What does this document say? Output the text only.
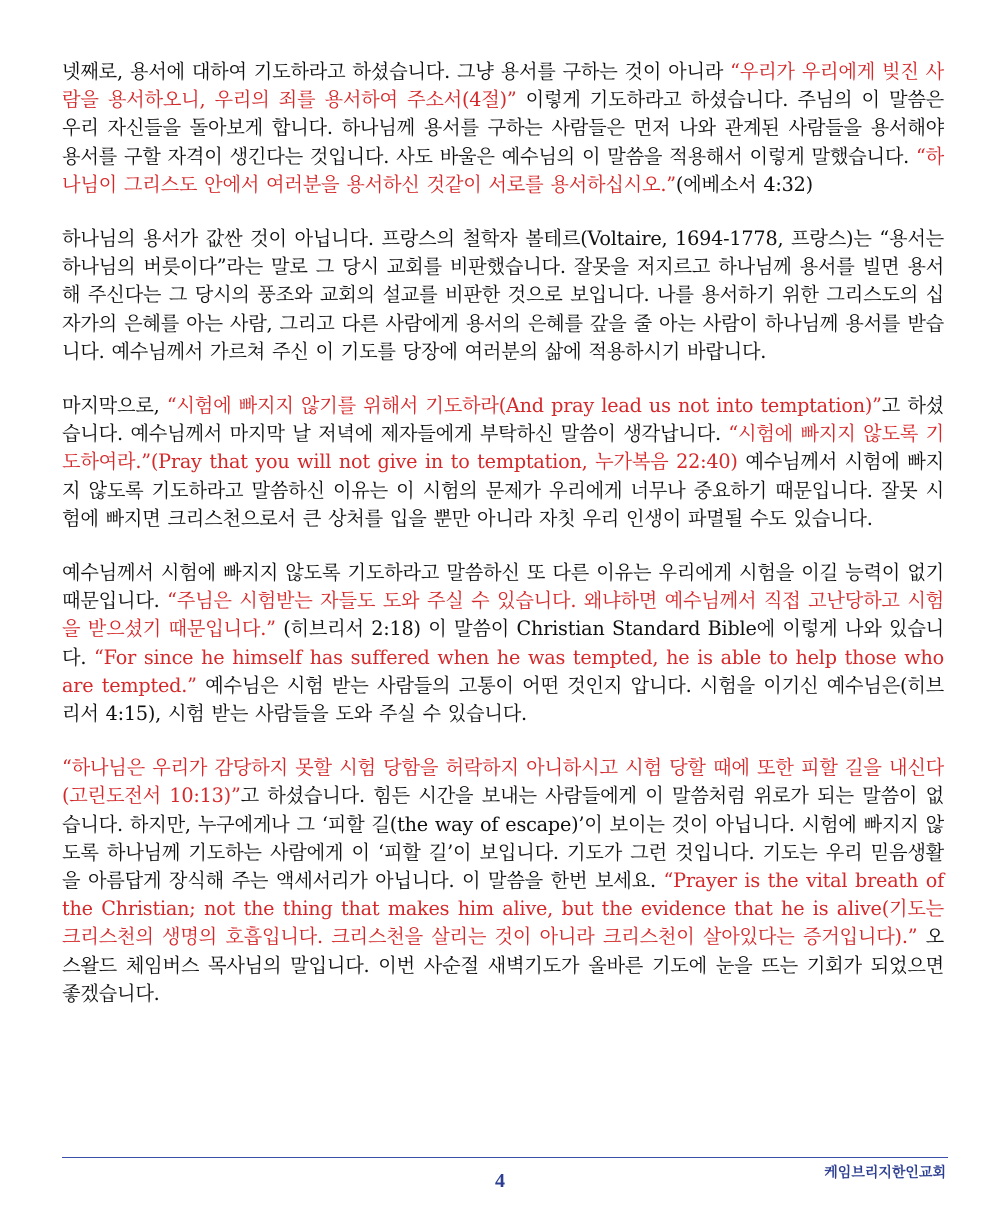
넷째로, 용서에 대하여 기도하라고 하셨습니다. 그냥 용서를 구하는 것이 아니라 “우리가 우리에게 빚진 사람을 용서하오니, 우리의 죄를 용서하여 주소서(4절)” 이렇게 기도하라고 하셨습니다. 주님의 이 말씀은 우리 자신들을 돌아보게 합니다. 하나님께 용서를 구하는 사람들은 먼저 나와 관계된 사람들을 용서해야 용서를 구할 자격이 생긴다는 것입니다. 사도 바울은 예수님의 이 말씀을 적용해서 이렇게 말했습니다. “하나님이 그리스도 안에서 여러분을 용서하신 것같이 서로를 용서하십시오.”(에베소서 4:32)

하나님의 용서가 값싼 것이 아닙니다. 프랑스의 철학자 볼테르(Voltaire, 1694-1778, 프랑스)는 “용서는 하나님의 버릇이다”라는 말로 그 당시 교회를 비판했습니다. 잘못을 저지르고 하나님께 용서를 빌면 용서해 주신다는 그 당시의 풍조와 교회의 설교를 비판한 것으로 보입니다. 나를 용서하기 위한 그리스도의 십자가의 은혜를 아는 사람, 그리고 다른 사람에게 용서의 은혜를 갚을 줄 아는 사람이 하나님께 용서를 받습니다. 예수님께서 가르쳐 주신 이 기도를 당장에 여러분의 삶에 적용하시기 바랍니다.

마지막으로, “시험에 빠지지 않기를 위해서 기도하라(And pray lead us not into temptation)”고 하셨습니다. 예수님께서 마지막 날 저녁에 제자들에게 부탁하신 말씀이 생각납니다. “시험에 빠지지 않도록 기도하여라.”(Pray that you will not give in to temptation, 누가복음 22:40) 예수님께서 시험에 빠지지 않도록 기도하라고 말씀하신 이유는 이 시험의 문제가 우리에게 너무나 중요하기 때문입니다. 잘못 시험에 빠지면 크리스천으로서 큰 상처를 입을 뿐만 아니라 자칫 우리 인생이 파멸될 수도 있습니다.

예수님께서 시험에 빠지지 않도록 기도하라고 말씀하신 또 다른 이유는 우리에게 시험을 이길 능력이 없기 때문입니다. “주님은 시험받는 자들도 도와 주실 수 있습니다. 왜냐하면 예수님께서 직접 고난당하고 시험을 받으셨기 때문입니다.” (히브리서 2:18) 이 말씀이 Christian Standard Bible에 이렇게 나와 있습니다. “For since he himself has suffered when he was tempted, he is able to help those who are tempted.” 예수님은 시험 받는 사람들의 고통이 어떤 것인지 압니다. 시험을 이기신 예수님은(히브리서 4:15), 시험 받는 사람들을 도와 주실 수 있습니다.

“하나님은 우리가 감당하지 못할 시험 당함을 허락하지 아니하시고 시험 당할 때에 또한 피할 길을 내신다(고린도전서 10:13)”고 하셨습니다. 힘든 시간을 보내는 사람들에게 이 말씀처럼 위로가 되는 말씀이 없습니다. 하지만, 누구에게나 그 ‘피할 길(the way of escape)’이 보이는 것이 아닙니다. 시험에 빠지지 않도록 하나님께 기도하는 사람에게 이 ‘피할 길’이 보입니다. 기도가 그런 것입니다. 기도는 우리 믿음생활을 아름답게 장식해 주는 액세서리가 아닙니다. 이 말씀을 한번 보세요. “Prayer is the vital breath of the Christian; not the thing that makes him alive, but the evidence that he is alive(기도는 크리스천의 생명의 호흡입니다. 크리스천을 살리는 것이 아니라 크리스천이 살아있다는 증거입니다).” 오스왈드 체임버스 목사님의 말입니다. 이번 사순절 새벽기도가 올바른 기도에 눈을 뜨는 기회가 되었으면 좋겠습니다.

4	케임브리지한인교회
